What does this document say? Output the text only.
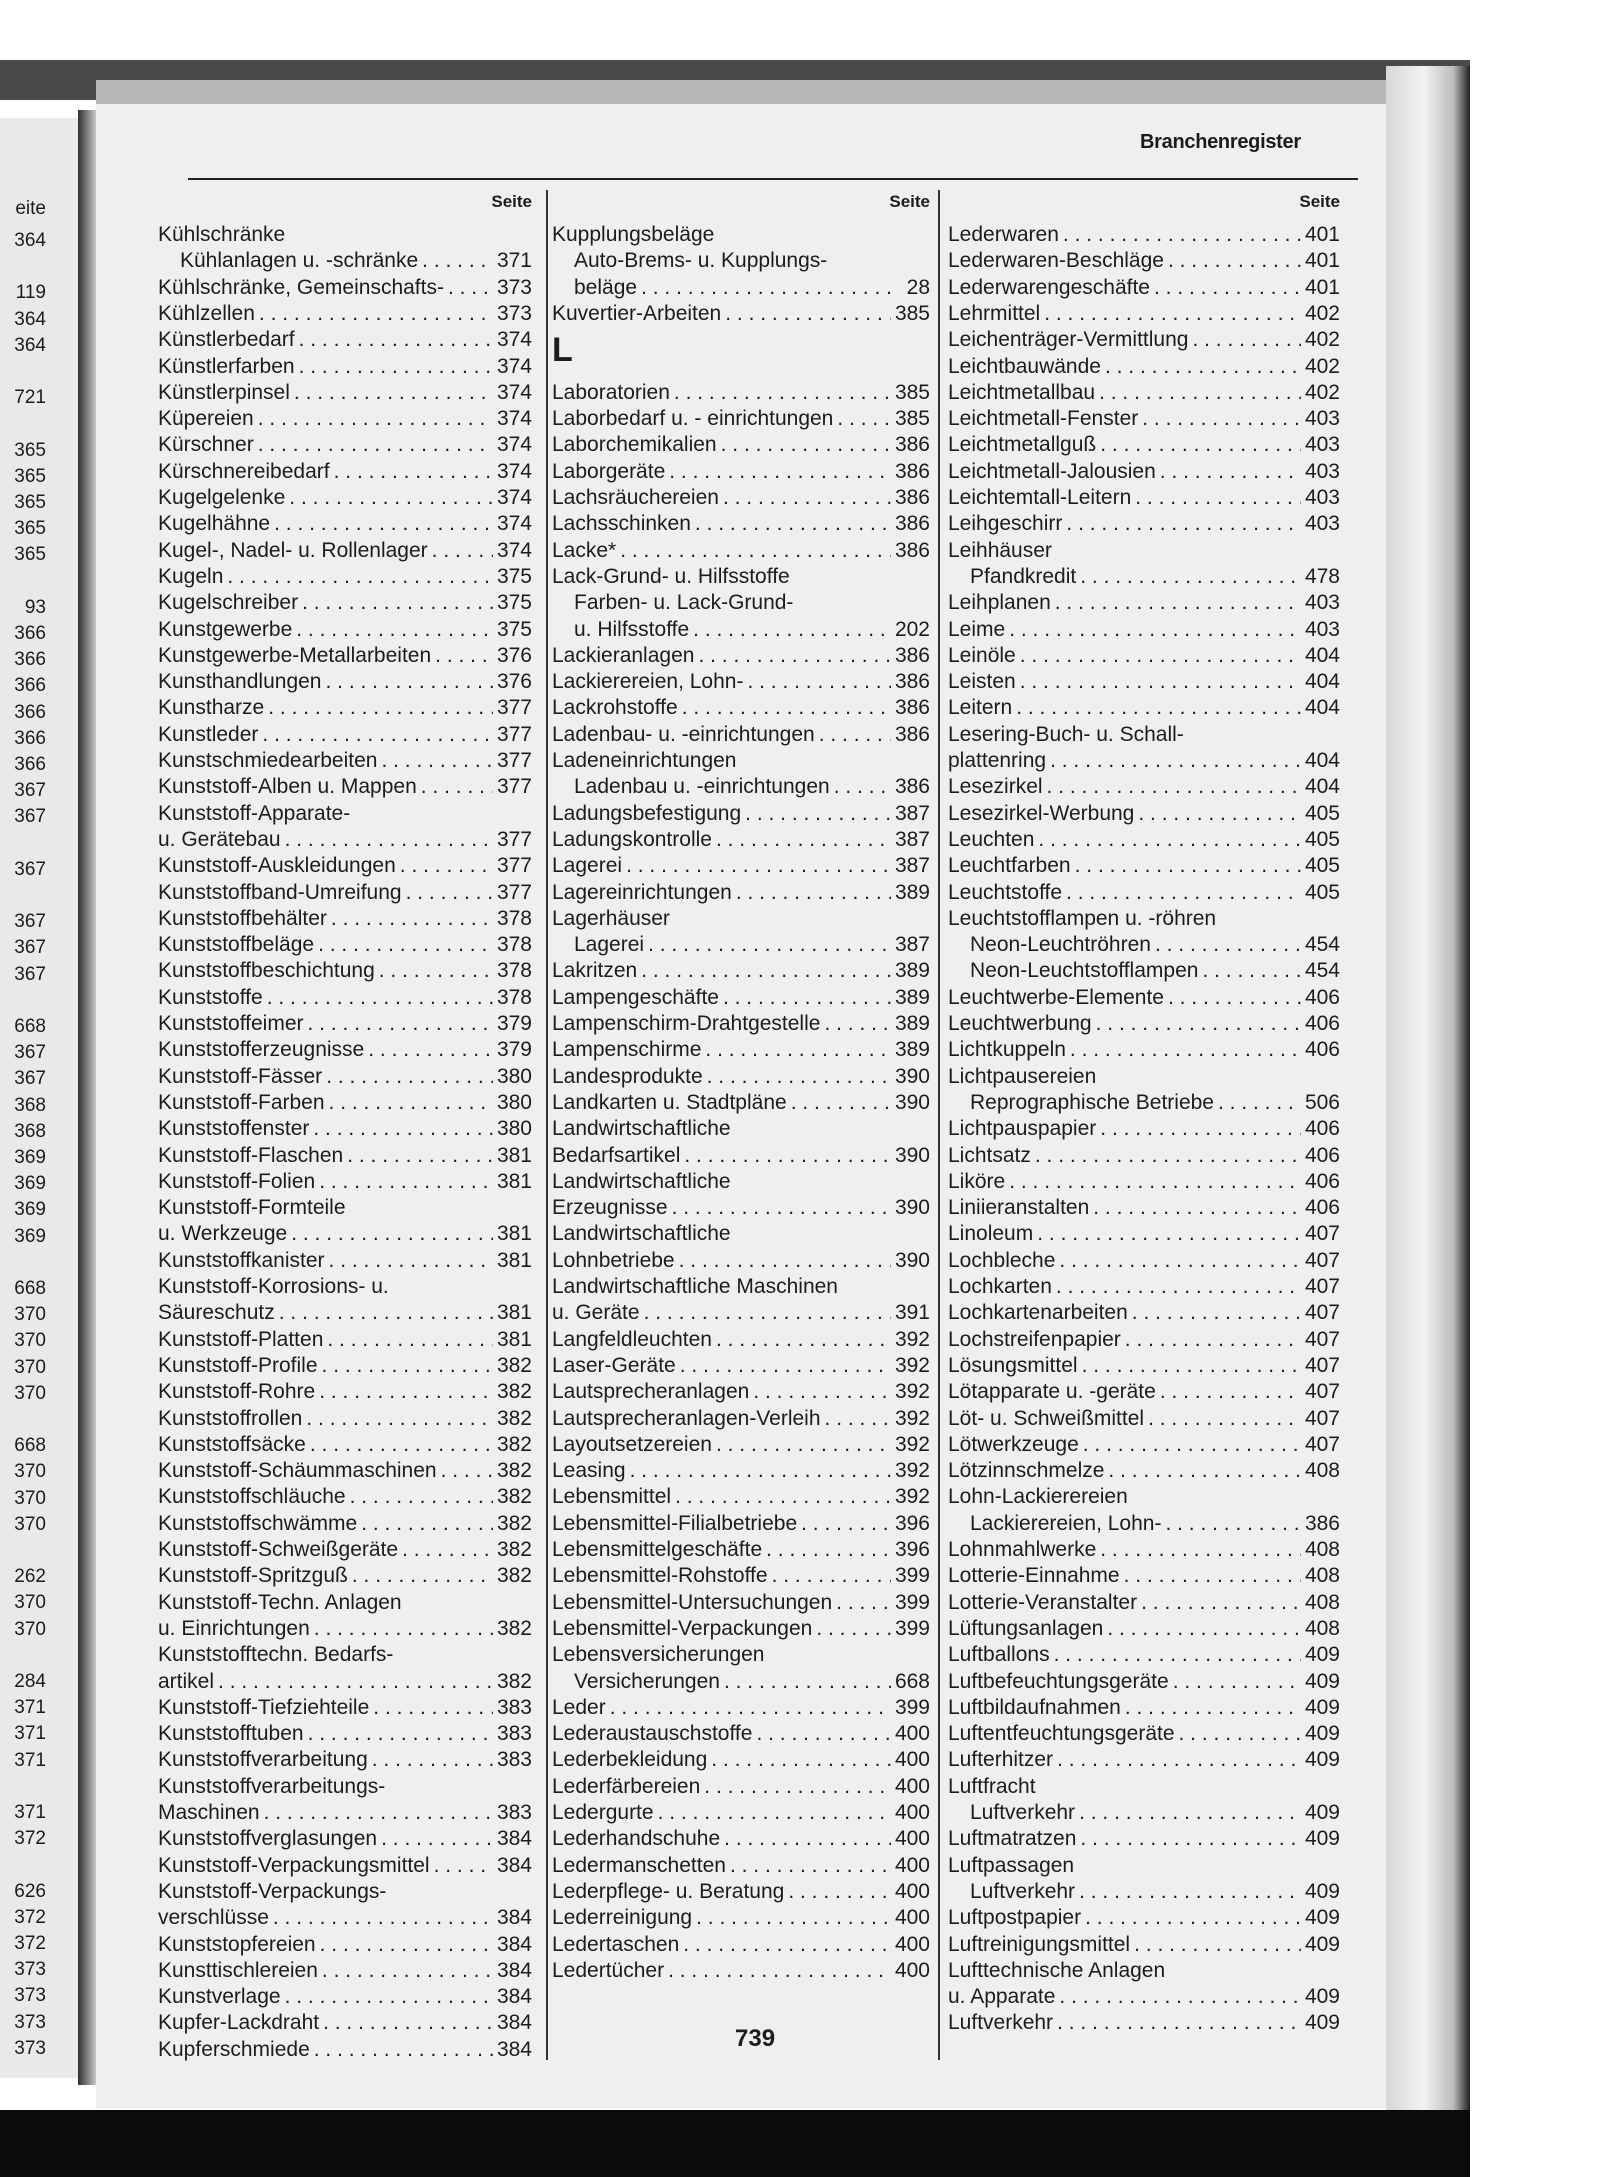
eite
364
119
364
364
721
365
365
365
365
365
93
366
366
366
366
366
366
367
367
367
367
367
367
668
367
367
368
368
369
369
369
369
668
370
370
370
370
668
370
370
370
262
370
370
284
371
371
371
371
372
626
372
372
373
373
373
373
Branchenregister
Seite
Kühlschränke
Kühlanlagen u. -schränke . . .	371
Kühlschränke, Gemeinschafts- . . .	373
Kühlzellen . . .	373
Künstlerbedarf . . .	374
Künstlerfarben . . .	374
Künstlerpinsel . . .	374
Küpereien . . .	374
Kürschner . . .	374
Kürschnereibedarf . . .	374
Kugelgelenke . . .	374
Kugelhähne . . .	374
Kugel-, Nadel- u. Rollenlager . . .	374
Kugeln . . .	375
Kugelschreiber . . .	375
Kunstgewerbe . . .	375
Kunstgewerbe-Metallarbeiten . . .	376
Kunsthandlungen . . .	376
Kunstharze . . .	377
Kunstleder . . .	377
Kunstschmiedearbeiten . . .	377
Kunststoff-Alben u. Mappen . . .	377
Kunststoff-Apparate-
u. Gerätebau . . .	377
Kunststoff-Auskleidungen . . .	377
Kunststoffband-Umreifung . . .	377
Kunststoffbehälter . . .	378
Kunststoffbeläge . . .	378
Kunststoffbeschichtung . . .	378
Kunststoffe . . .	378
Kunststoffeimer . . .	379
Kunststofferzeugnisse . . .	379
Kunststoff-Fässer . . .	380
Kunststoff-Farben . . .	380
Kunststoffenster . . .	380
Kunststoff-Flaschen . . .	381
Kunststoff-Folien . . .	381
Kunststoff-Formteile
u. Werkzeuge . . .	381
Kunststoffkanister . . .	381
Kunststoff-Korrosions- u.
Säureschutz . . .	381
Kunststoff-Platten . . .	381
Kunststoff-Profile . . .	382
Kunststoff-Rohre . . .	382
Kunststoffrollen . . .	382
Kunststoffsäcke . . .	382
Kunststoff-Schäummaschinen . . .	382
Kunststoffschläuche . . .	382
Kunststoffschwämme . . .	382
Kunststoff-Schweißgeräte . . .	382
Kunststoff-Spritzguß . . .	382
Kunststoff-Techn. Anlagen
u. Einrichtungen . . .	382
Kunststofftechn. Bedarfs-
artikel . . .	382
Kunststoff-Tiefziehteile . . .	383
Kunststofftuben . . .	383
Kunststoffverarbeitung . . .	383
Kunststoffverarbeitungs-
Maschinen . . .	383
Kunststoffverglasungen . . .	384
Kunststoff-Verpackungsmittel . . .	384
Kunststoff-Verpackungs-
verschlüsse . . .	384
Kunststopfereien . . .	384
Kunsttischlereien . . .	384
Kunstverlage . . .	384
Kupfer-Lackdraht . . .	384
Kupferschmiede . . .	384
Seite
Kupplungsbeläge
Auto-Brems- u. Kupplungs-
beläge . . .	28
Kuvertier-Arbeiten . . .	385
Laboratorien . . .	385
Laborbedarf u. - einrichtungen . . .	385
Laborchemikalien . . .	386
Laborgeräte . . .	386
Lachsräuchereien . . .	386
Lachsschinken . . .	386
Lacke* . . .	386
Lack-Grund- u. Hilfsstoffe
Farben- u. Lack-Grund-
u. Hilfsstoffe . . .	202
Lackieranlagen . . .	386
Lackierereien, Lohn- . . .	386
Lackrohstoffe . . .	386
Ladenbau- u. -einrichtungen . . .	386
Ladeneinrichtungen
Ladenbau u. -einrichtungen . . .	386
Ladungsbefestigung . . .	387
Ladungskontrolle . . .	387
Lagerei . . .	387
Lagereinrichtungen . . .	389
Lagerhäuser
Lagerei . . .	387
Lakritzen . . .	389
Lampengeschäfte . . .	389
Lampenschirm-Drahtgestelle . . .	389
Lampenschirme . . .	389
Landesprodukte . . .	390
Landkarten u. Stadtpläne . . .	390
Landwirtschaftliche
Bedarfsartikel . . .	390
Landwirtschaftliche
Erzeugnisse . . .	390
Landwirtschaftliche
Lohnbetriebe . . .	390
Landwirtschaftliche Maschinen
u. Geräte . . .	391
Langfeldleuchten . . .	392
Laser-Geräte . . .	392
Lautsprecheranlagen . . .	392
Lautsprecheranlagen-Verleih . . .	392
Layoutsetzereien . . .	392
Leasing . . .	392
Lebensmittel . . .	392
Lebensmittel-Filialbetriebe . . .	396
Lebensmittelgeschäfte . . .	396
Lebensmittel-Rohstoffe . . .	399
Lebensmittel-Untersuchungen . . .	399
Lebensmittel-Verpackungen . . .	399
Lebensversicherungen
Versicherungen . . .	668
Leder . . .	399
Lederaustauschstoffe . . .	400
Lederbekleidung . . .	400
Lederfärbereien . . .	400
Ledergurte . . .	400
Lederhandschuhe . . .	400
Ledermanschetten . . .	400
Lederpflege- u. Beratung . . .	400
Lederreinigung . . .	400
Ledertaschen . . .	400
Ledertücher . . .	400
L
Seite
Lederwaren . . .	401
Lederwaren-Beschläge . . .	401
Lederwarengeschäfte . . .	401
Lehrmittel . . .	402
Leichenträger-Vermittlung . . .	402
Leichtbauwände . . .	402
Leichtmetallbau . . .	402
Leichtmetall-Fenster . . .	403
Leichtmetallguß . . .	403
Leichtmetall-Jalousien . . .	403
Leichtemtall-Leitern . . .	403
Leihgeschirr . . .	403
Leihhäuser
Pfandkredit . . .	478
Leihplanen . . .	403
Leime . . .	403
Leinöle . . .	404
Leisten . . .	404
Leitern . . .	404
Lesering-Buch- u. Schall-
plattenring . . .	404
Lesezirkel . . .	404
Lesezirkel-Werbung . . .	405
Leuchten . . .	405
Leuchtfarben . . .	405
Leuchtstoffe . . .	405
Leuchtstofflampen u. -röhren
Neon-Leuchtröhren . . .	454
Neon-Leuchtstofflampen . . .	454
Leuchtwerbe-Elemente . . .	406
Leuchtwerbung . . .	406
Lichtkuppeln . . .	406
Lichtpausereien
Reprographische Betriebe . . .	506
Lichtpauspapier . . .	406
Lichtsatz . . .	406
Liköre . . .	406
Liniieranstalten . . .	406
Linoleum . . .	407
Lochbleche . . .	407
Lochkarten . . .	407
Lochkartenarbeiten . . .	407
Lochstreifenpapier . . .	407
Lösungsmittel . . .	407
Lötapparate u. -geräte . . .	407
Löt- u. Schweißmittel . . .	407
Lötwerkzeuge . . .	407
Lötzinnschmelze . . .	408
Lohn-Lackierereien
Lackierereien, Lohn- . . .	386
Lohnmahlwerke . . .	408
Lotterie-Einnahme . . .	408
Lotterie-Veranstalter . . .	408
Lüftungsanlagen . . .	408
Luftballons . . .	409
Luftbefeuchtungsgeräte . . .	409
Luftbildaufnahmen . . .	409
Luftentfeuchtungsgeräte . . .	409
Lufterhitzer . . .	409
Luftfracht
Luftverkehr . . .	409
Luftmatratzen . . .	409
Luftpassagen
Luftverkehr . . .	409
Luftpostpapier . . .	409
Luftreinigungsmittel . . .	409
Lufttechnische Anlagen
u. Apparate . . .	409
Luftverkehr . . .	409
739
